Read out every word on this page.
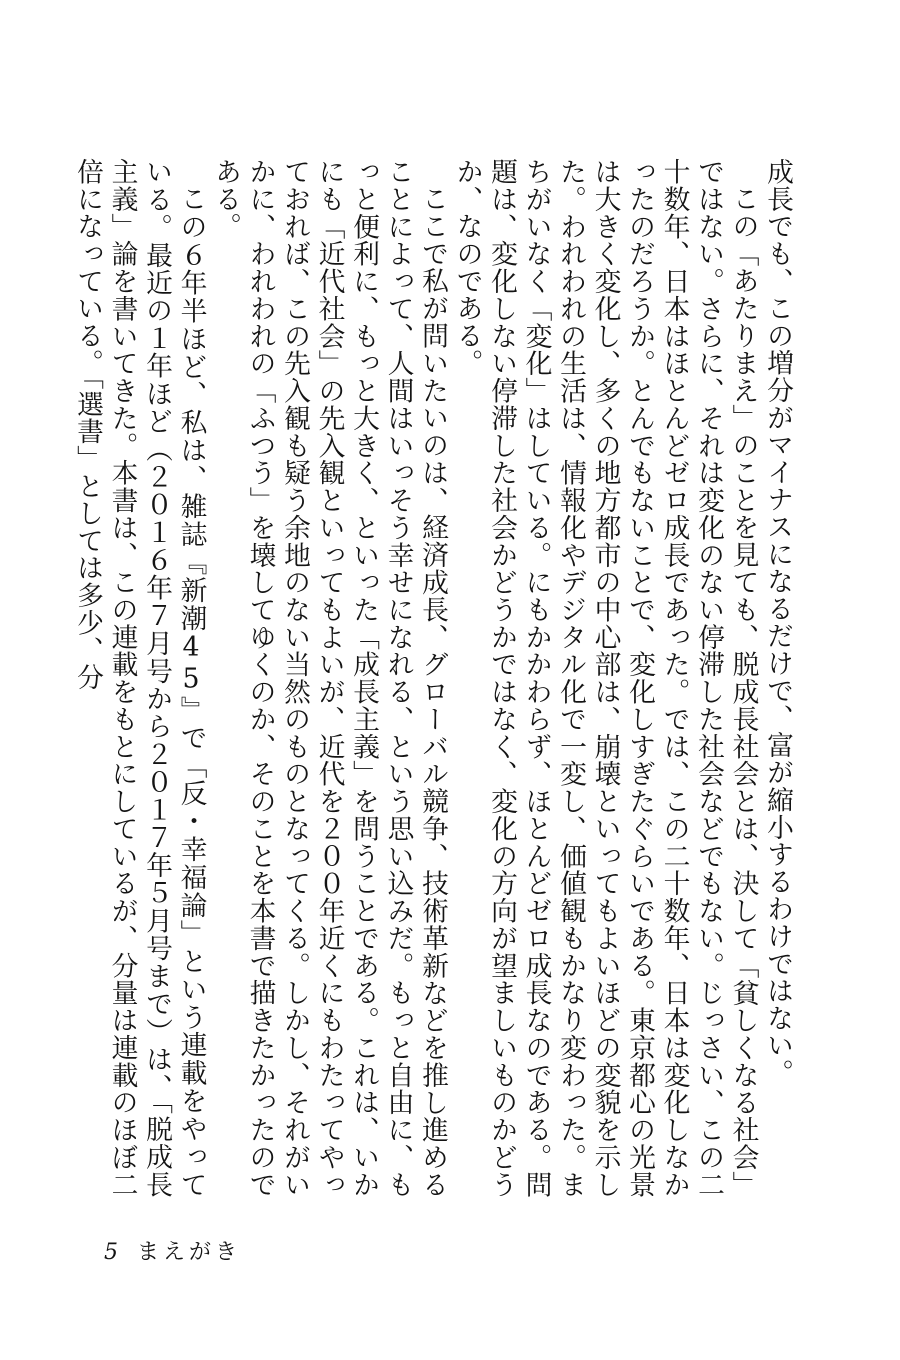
成長でも、この増分がマイナスになるだけで、富が縮小するわけではない。

この「あたりまえ」のことを見ても、脱成長社会とは、決して「貧しくなる社会」ではない。さらに、それは変化のない停滞した社会などでもない。じっさい、この二十数年、日本はほとんどゼロ成長であった。では、この二十数年、日本は変化しなかったのだろうか。とんでもないことで、変化しすぎたぐらいである。東京都心の光景は大きく変化し、多くの地方都市の中心部は、崩壊といってもよいほどの変貌を示した。われわれの生活は、情報化やデジタル化で一変し、価値観もかなり変わった。まちがいなく「変化」はしている。にもかかわらず、ほとんどゼロ成長なのである。問題は、変化しない停滞した社会かどうかではなく、変化の方向が望ましいものかどうか、なのである。

ここで私が問いたいのは、経済成長、グローバル競争、技術革新などを推し進めることによって、人間はいっそう幸せになれる、という思い込みだ。もっと自由に、もっと便利に、もっと大きく、といった「成長主義」を問うことである。これは、いかにも「近代社会」の先入観といってもよいが、近代を２００年近くにもわたってやっておれば、この先入観も疑う余地のない当然のものとなってくる。しかし、それがいかに、われわれの「ふつう」を壊してゆくのか、そのことを本書で描きたかったのである。

この６年半ほど、私は、雑誌『新潮45』で「反・幸福論」という連載をやっている。最近の１年ほど（２０１６年７月号から２０１７年５月号まで）は、「脱成長主義」論を書いてきた。本書は、この連載をもとにしているが、分量は連載のほぼ二倍になっている。「選書」としては多少、分

5 まえがき
